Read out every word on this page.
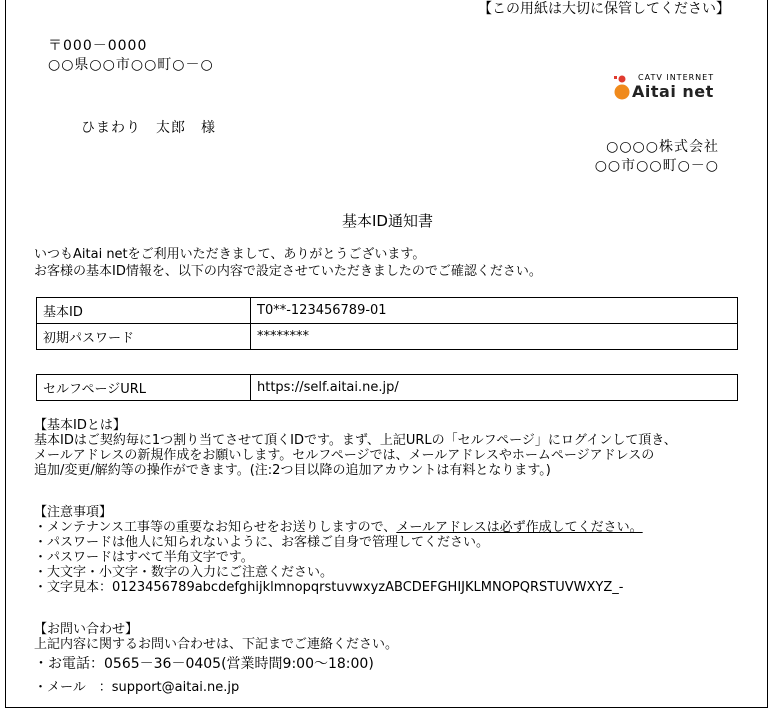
【この用紙は大切に保管してください】
〒000－0000
○○県○○市○○町○－○
ひまわり　太郎　様
CATV INTERNET
Aitai net
○○○○株式会社
○○市○○町○－○
基本ID通知書
いつもAitai netをご利用いただきまして、ありがとうございます。
お客様の基本ID情報を、以下の内容で設定させていただきましたのでご確認ください。
基本ID	T0**-123456789-01
初期パスワード	********
セルフページURL	https://self.aitai.ne.jp/
【基本IDとは】
基本IDはご契約毎に1つ割り当てさせて頂くIDです。まず、上記URLの「セルフページ」にログインして頂き、
メールアドレスの新規作成をお願いします。セルフページでは、メールアドレスやホームページアドレスの
追加/変更/解約等の操作ができます。(注:2つ目以降の追加アカウントは有料となります。)
【注意事項】
・メンテナンス工事等の重要なお知らせをお送りしますので、メールアドレスは必ず作成してください。
・パスワードは他人に知られないように、お客様ご自身で管理してください。
・パスワードはすべて半角文字です。
・大文字・小文字・数字の入力にご注意ください。
・文字見本：0123456789abcdefghijklmnopqrstuvwxyzABCDEFGHIJKLMNOPQRSTUVWXYZ_-
【お問い合わせ】
上記内容に関するお問い合わせは、下記までご連絡ください。
・お電話：0565－36－0405(営業時間9:00～18:00)
・メール　：support@aitai.ne.jp
